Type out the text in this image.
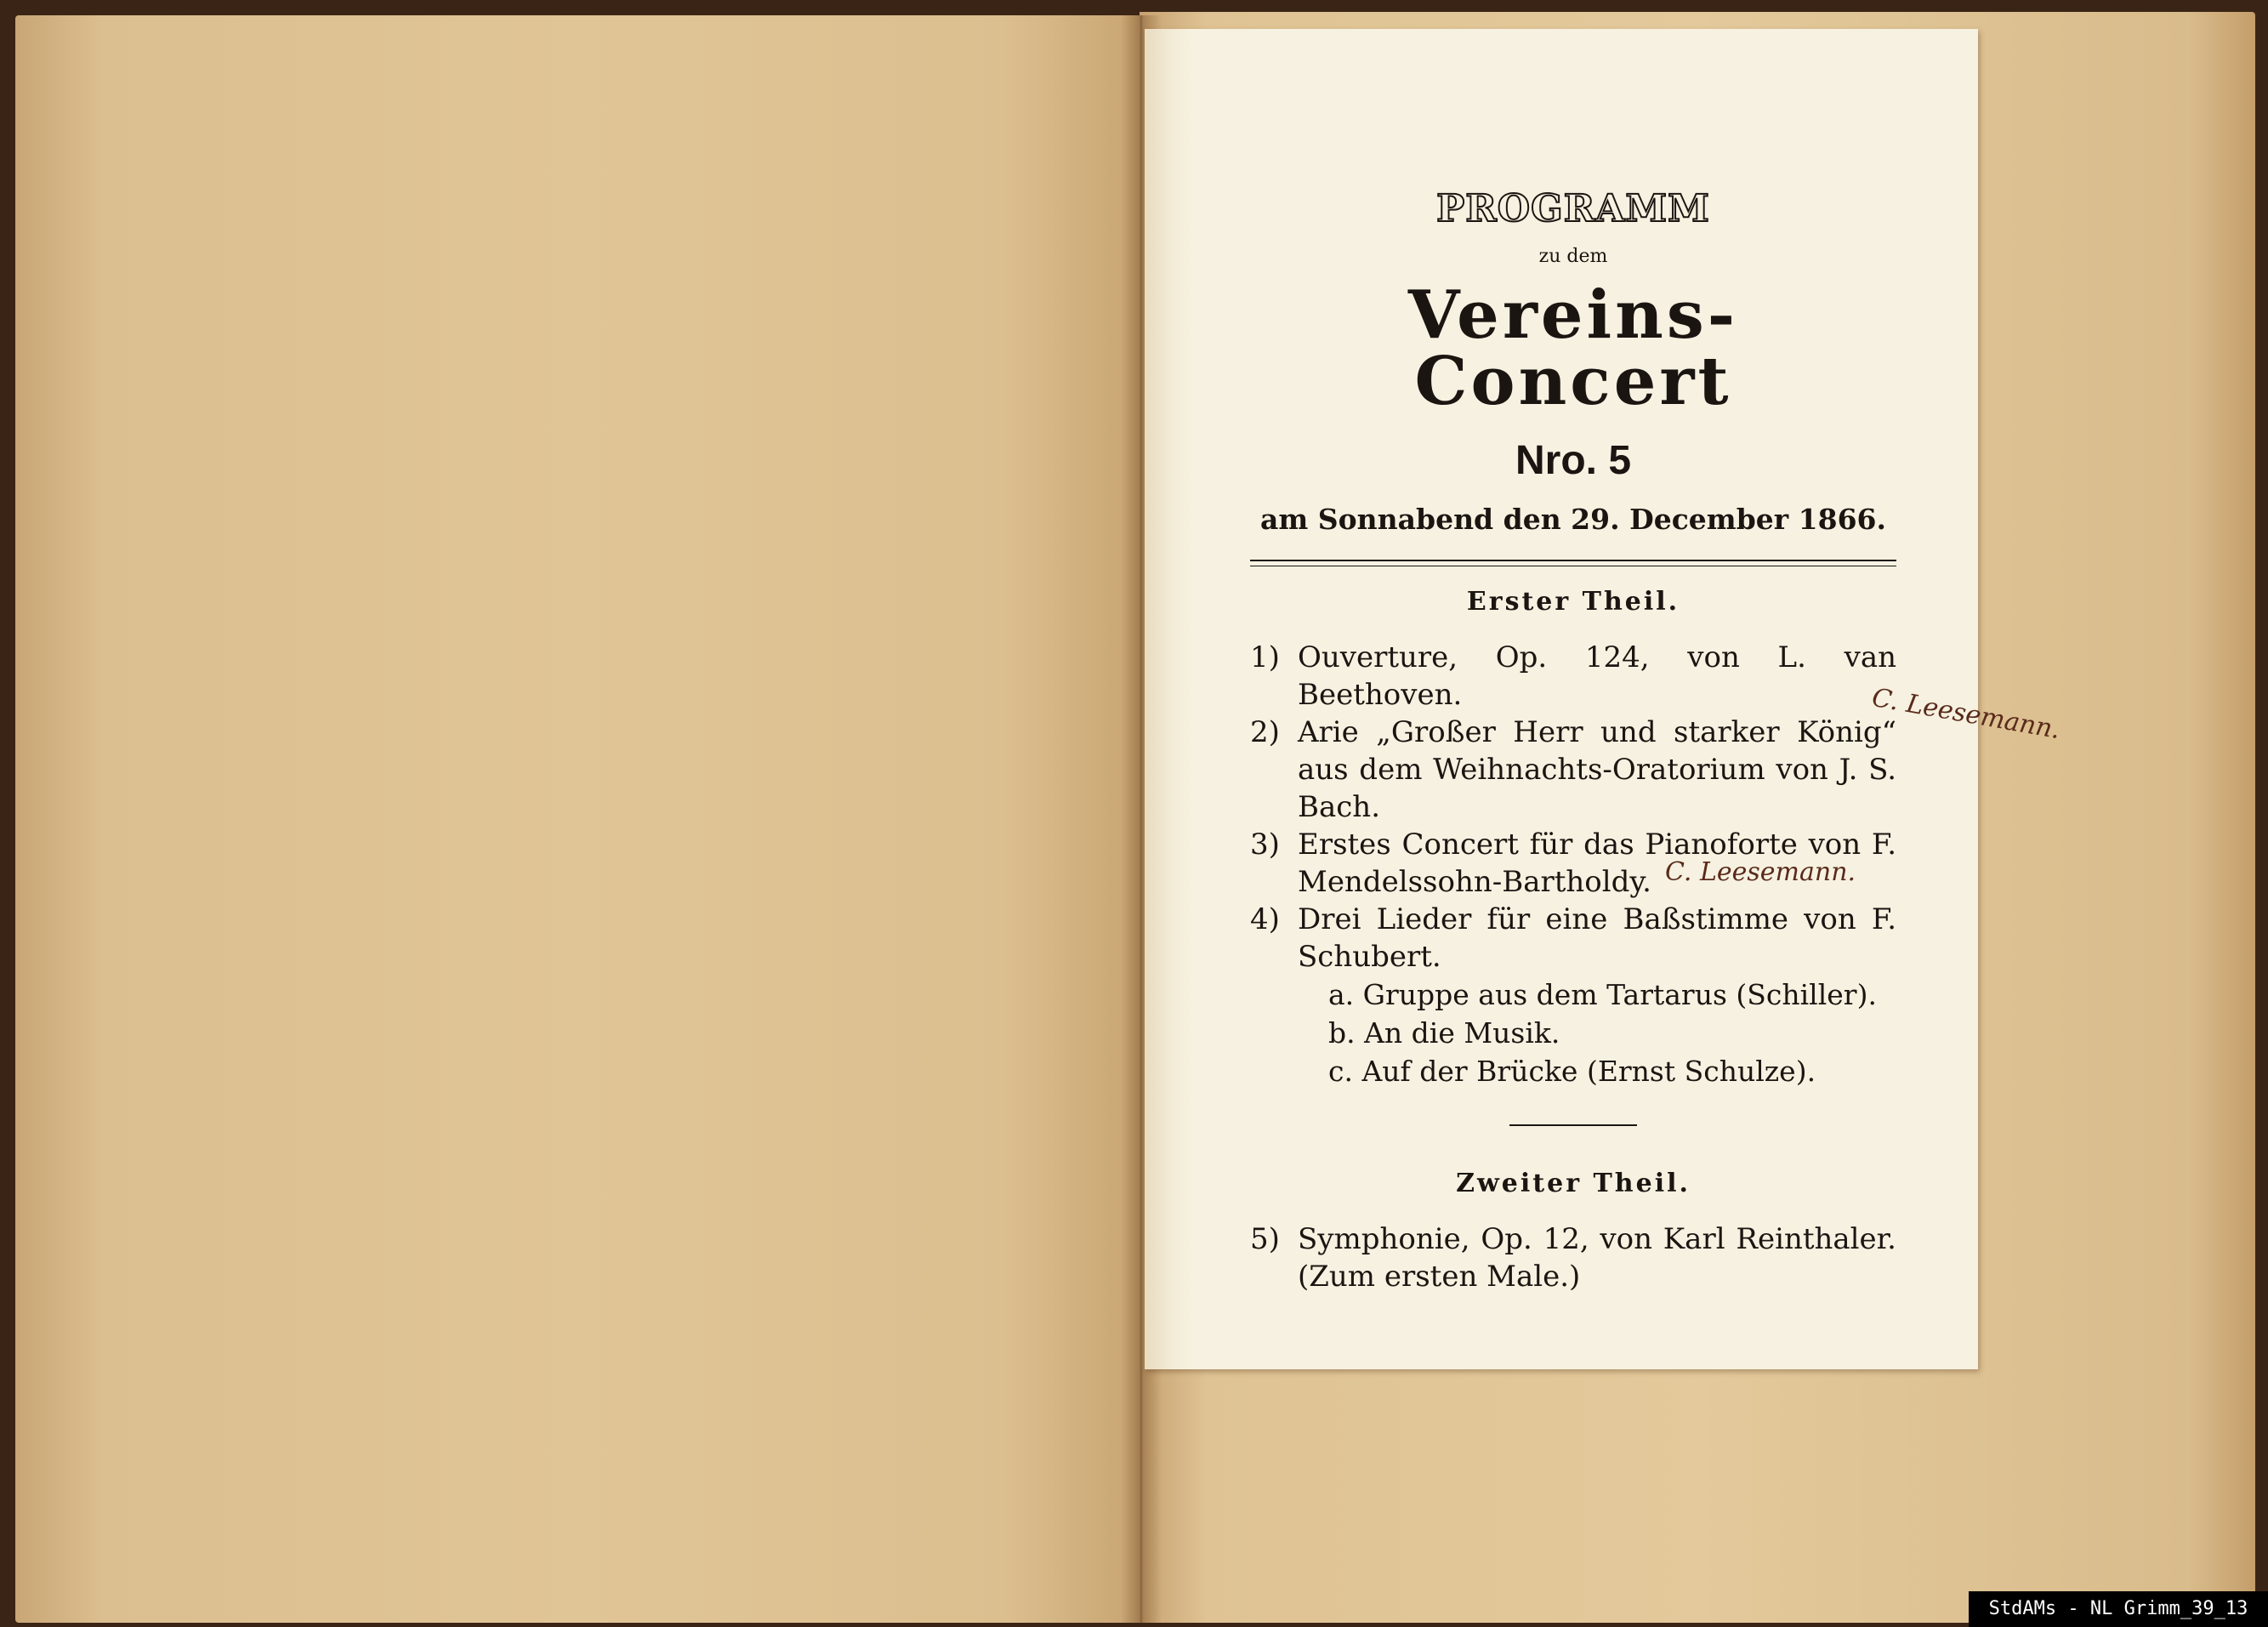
PROGRAMM
zu dem
Vereins-Concert
Nro. 5
am Sonnabend den 29. December 1866.
Erster Theil.
1) Ouverture, Op. 124, von L. van Beethoven.
2) Arie „Großer Herr und starker König“ aus dem Weihnachts-Oratorium von J. S. Bach.
3) Erstes Concert für das Pianoforte von F. Mendelssohn-Bartholdy.
4) Drei Lieder für eine Baßstimme von F. Schubert.
a. Gruppe aus dem Tartarus (Schiller).
b. An die Musik.
c. Auf der Brücke (Ernst Schulze).
Zweiter Theil.
5) Symphonie, Op. 12, von Karl Reinthaler. (Zum ersten Male.)
C. Leesemann.
C. Leesemann.
StdAMs - NL Grimm_39_13
